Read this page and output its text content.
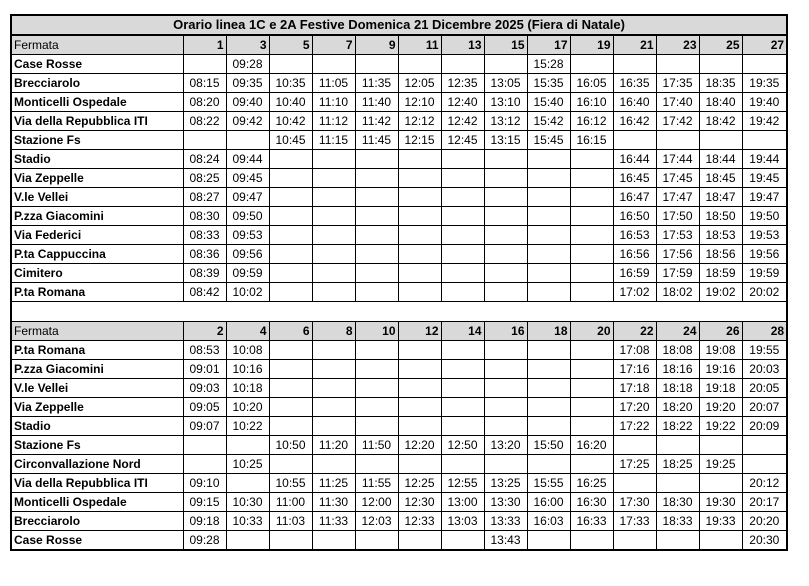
Orario linea 1C e 2A Festive Domenica 21 Dicembre 2025 (Fiera di Natale)														
Fermata	1	3	5	7	9	11	13	15	17	19	21	23	25	27
Case Rosse		09:28							15:28					
Brecciarolo	08:15	09:35	10:35	11:05	11:35	12:05	12:35	13:05	15:35	16:05	16:35	17:35	18:35	19:35
Monticelli Ospedale	08:20	09:40	10:40	11:10	11:40	12:10	12:40	13:10	15:40	16:10	16:40	17:40	18:40	19:40
Via della Repubblica ITI	08:22	09:42	10:42	11:12	11:42	12:12	12:42	13:12	15:42	16:12	16:42	17:42	18:42	19:42
Stazione Fs			10:45	11:15	11:45	12:15	12:45	13:15	15:45	16:15				
Stadio	08:24	09:44									16:44	17:44	18:44	19:44
Via Zeppelle	08:25	09:45									16:45	17:45	18:45	19:45
V.le Vellei	08:27	09:47									16:47	17:47	18:47	19:47
P.zza Giacomini	08:30	09:50									16:50	17:50	18:50	19:50
Via Federici	08:33	09:53									16:53	17:53	18:53	19:53
P.ta Cappuccina	08:36	09:56									16:56	17:56	18:56	19:56
Cimitero	08:39	09:59									16:59	17:59	18:59	19:59
P.ta Romana	08:42	10:02									17:02	18:02	19:02	20:02

Fermata	2	4	6	8	10	12	14	16	18	20	22	24	26	28
P.ta Romana	08:53	10:08									17:08	18:08	19:08	19:55
P.zza Giacomini	09:01	10:16									17:16	18:16	19:16	20:03
V.le Vellei	09:03	10:18									17:18	18:18	19:18	20:05
Via Zeppelle	09:05	10:20									17:20	18:20	19:20	20:07
Stadio	09:07	10:22									17:22	18:22	19:22	20:09
Stazione Fs			10:50	11:20	11:50	12:20	12:50	13:20	15:50	16:20				
Circonvallazione Nord		10:25									17:25	18:25	19:25	
Via della Repubblica ITI	09:10		10:55	11:25	11:55	12:25	12:55	13:25	15:55	16:25				20:12
Monticelli Ospedale	09:15	10:30	11:00	11:30	12:00	12:30	13:00	13:30	16:00	16:30	17:30	18:30	19:30	20:17
Brecciarolo	09:18	10:33	11:03	11:33	12:03	12:33	13:03	13:33	16:03	16:33	17:33	18:33	19:33	20:20
Case Rosse	09:28							13:43						20:30
